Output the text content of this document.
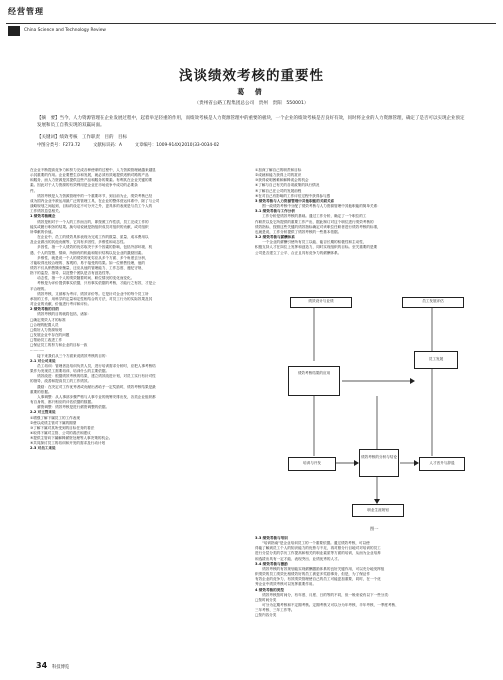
经营管理
China Science and Technology Review
浅谈绩效考核的重要性
葛 倩
（贵州省公路工程集团总公司　贵州　贵阳　550001）
【摘　要】当今，人力资源管理在企业发展过程中，起着举足轻重的作用，而绩效考核是人力资源管理中的重要的板块，一个企业的绩效考核是否良好有效，同时将企业的人力资源管理，确定了是否可以实现企业预定发展和员工自我实现的双赢局面。
【关键词】绩效考核　工作职责　目的　目标
中图分类号：F273.72　　　文献标识码：A　　　文章编号：1009-914X(2010)33-0034-02
在企业不断提高竞争力和努力完成各种使命的过程中，人力资源管理就越来越显
示其重要的作用。企业要想生存和发展，就必须有效地提供适销对路的产品
和服务，而人力资源是其提供这些产品和服务的要素。有利其在企业关键的要
素。因此对于人力资源的有效利用是企业在市场竞争中成功的必要条
件。
　　绩效考核是人力资源管理中的一个重要环节，到目前为止，绩效考核已经
成为国内企业中被运用最广泛的管理工具，在企业的整体营运体系中，除了与公司
战略规划之间起到，目标的设定不可分开之外，更具体的表现是与员工个人的
工作绩效息息相关。
1 绩效考核概念
　　绩效是相对于一个人的工作而言的，即按照工作性质，员工完成工作的
能实或履行职务的结果。换句话说就是指组织成员对组织的贡献，或对组织
所奉献的价值。
　　在企业中，员工的绩效具体表现为完成工作的数量、质量、成本费用以
及企业做出的其他贡献等，它具有多因性、多维性和动态性。
　　多因性，指一个人绩效的优劣取决于多个因素的影响，包括外部环境、机
遇、个人的智慧、情商、所拥有的机能和知识结构以及企业的激励因素。
　　多维性，就是说一个人的绩效的优劣应从多个方面、多个角度去分析，
才能取得比较合理的、客观的、易于接受的结果。如一位销售经理，他的
绩效不仅从销售额来衡量，还应从他的管理能力、工作态度、遵纪守规、
指下的监控、指导、以及整个团队是否有创造性等。
　　动态性，指一个人的绩效随着时间、职位情况的变化而变化。
　　考核是为评价提供事实依据，只有事实依据的考核，才能行之有效，才是公
平合理的。
　　绩效考核，又被称为考评、绩效评价等。它是针对企业中的每个员工所
承担的工作，用科学的定量和定性相结合的方法，对员工行为的实际效果及其
对企业的贡献，价值进行考评和评价。
2 绩效考核的目的
　　绩效考核的目的就将包括，诸如：
□确定绩效人才的标准
□合理的配置人员
□做好人力资源规划
□发展企业中存在的问题
□帮助员工改进工作
□保证员工的努力和企业的目标一致
…………
　　接下来我们从三个方面来说绩效考核的目的：
2.1 对公司来说
　　员工培训：管理者及培训负责人员，进行培训需求分析时，应把人事考核结
果作为发现员工需要培训、培训什么的主要依据。
　　绩效改进：根据绩效考核的结果，建立绩效改进计划，对员工实行有针对性
的指导，改善和提高员工的工作绩效。
　　激励：在决定对工作优秀者或贡献出者给予一定奖励时，绩效考核结果是最
重要的依据。
　　人事调整：从人事部步骤严格与人事专业的统筹安排出发，各类企业组织都
有自身的，都只相应的评估依据的数据。
　　薪资调整：绩效考核是进行薪资调整的依据。
2.2 对主管来说
①增强了解下属员工的工作表现
②使以成绩主管对下属的期望
③了解下属对其所受到的目标任务的看法
④取得下属对主管、公司的看法和建议
⑤提供主管向下属解释薪资处理等人事决策的机会。
⑥共同探讨员工的培训和开发的需求及行动计划
2.3 对员工来说
①加深了解自己的职责和目标
②成就和能力获得上司的赏识
③获得说明困难和解释误会的机会
④了解与自己有关的各项政策的执行情况
⑤了解自己在公司的发展前程
⑥在对自己有影响的工作评估过程中获得参与感
3 绩效考核与人力资源管理中其他职能的关联关系
　　围一政绩效考核中分配了绩效考核与人力资源管理中其他职能的简单关系：
3.1 绩效考核与工作分析
　　工作分析是绩效考核的基础。通过工作分析，确定了一个职位的工
作职责以及它所提供的重要工作产出，据此制订对这个职位进行绩效考核的
绩效指标，按照这些关键的绩效指标确定对该职位任职者进行绩效考核的标准，
也就是说，工作分析提供了绩效考核的一些基本依据。
3.2 绩效考核与薪酬体系
　　一个企业的薪酬引使所有员工以能、能否长期的积极性和主动性，
积极支持人才在岗位上发挥和创造力，同时实现组织的目标。至关重要的是要
公司是否建立了公平、合正且具有竞争力的薪酬体系。
绩效设计与业绩	员工发展评估
绩效考核结果的应用
员工发展
培训与开发
绩效考核的分析与结论
人才晋升与辞退
职业生涯规划
图一
3.3 绩效考核与培训
　　"培训指南"是企业培训员工的一个重要依据。通过绩效考核，可以使
得能了解到员工个人的知识能力的优势与不足，再对照分行目地对对培训的员工
进行分层分类的学历工作提高和相关的职业素质等方面的培训，从而为企业培养
和选拔出具有一定才能、表现突出、业绩优秀的人才。
3.4 绩效考核与激励
　　绩效考核的有效规划能实现薪酬激励体系的良好关键作用，可以充分地发挥组
织绩效的员工绩效比相绩效好的员工被更多奖励事务，但是，为了保证作
有效企业的竞争力，有效绩效管理使自己的员工可能更加重要，同时，在一个优
秀企业中绩效考核可以发挥重要作用。
4 绩效考核的类型
　　绩效考核按时间分，有年度、月度、日的等的不同，但一般来说有以下一些分类：
□按时间分类
　　可分为定期考核和不定期考核。定期考核又可以分为年考核、半年考核、一季度考核、
三年考核、三年工作等。
□按内容分类
34 科技博览
